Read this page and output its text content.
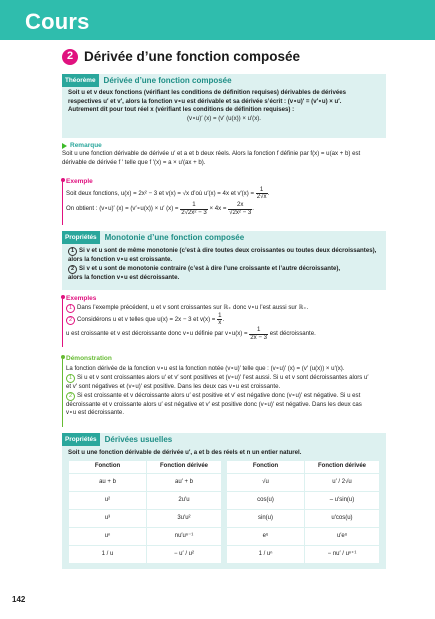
Cours
2 Dérivée d’une fonction composée
Théorème	Dérivée d’une fonction composée
Soit u et v deux fonctions (vérifiant les conditions de définition requises) dérivables de dérivées
respectives u′ et v′, alors la fonction v∘u est dérivable et sa dérivée s’écrit : (v∘u)′ = (v′∘u) × u′.
Autrement dit pour tout réel x (vérifiant les conditions de définition requises) :
(v∘u)′ (x) = (v′ (u(x)) × u′(x).
Remarque
Soit u une fonction dérivable de dérivée u′ et a et b deux réels. Alors la fonction f définie par f(x) = u(ax + b) est
dérivable de dérivée f ′ telle que f ′(x) = a × u′(ax + b).
Exemple
Soit deux fonctions, u(x) = 2x² − 3 et v(x) = √x d’où u′(x) = 4x et $v'(x) = \frac{1}{2√x}$ .
On obtient : (v∘u)′ (x) = (v′∘u(x)) × u′ $(x) = \frac{1}{\text{2√2x² − 3}} \times 4x = \frac{2x}{\text{√2x² − 3}}$ .
Propriétés	Monotonie d’une fonction composée
1 Si v et u sont de même monotonie (c’est à dire toutes deux croissantes ou toutes deux décroissantes),
alors la fonction v∘u est croissante.
2 Si v et u sont de monotonie contraire (c’est à dire l’une croissante et l’autre décroissante),
alors la fonction v∘u est décroissante.
Exemples
1 Dans l’exemple précédent, u et v sont croissantes sur ℝ₊ donc v∘u l’est aussi sur ℝ₊.
2 Considérons u et v telles que u(x) = 2x − 3 et $v(x) = \frac{1}{x}$ .
u est croissante et v est décroissante donc v∘u définie par v∘u(x) = $\frac{1}{2x - 3}$ est décroissante.
Démonstration
La fonction dérivée de la fonction v∘u est la fonction notée (v∘u)′ telle que : (v∘u)′ (x) = (v′ (u(x)) × u′(x).
1 Si u et v sont croissantes alors u′ et v′ sont positives et (v∘u)′ l’est aussi. Si u et v sont décroissantes alors u′
et v′ sont négatives et (v∘u)′ est positive. Dans les deux cas v∘u est croissante.
2 Si est croissante et v décroissante alors u′ est positive et v′ est négative donc (v∘u)′ est négative. Si u est
décroissante et v croissante alors u′ est négative et v′ est positive donc (v∘u)′ est négative. Dans les deux cas
v∘u est décroissante.
Propriétés	Dérivées usuelles
Soit u une fonction dérivable de dérivée u′, a et b des réels et n un entier naturel.
Fonction	Fonction dérivée
au + b	au′ + b
u²	2u′u
u³	3u′u²
uⁿ	nu′uⁿ⁻¹
1 / u	− u′ / u²
Fonction	Fonction dérivée
√u	u′ / 2√u
cos(u)	– u′sin(u)
sin(u)	u′cos(u)
eᵘ	u′eᵘ
1 / uⁿ	− nu′ / uⁿ⁺¹
142
